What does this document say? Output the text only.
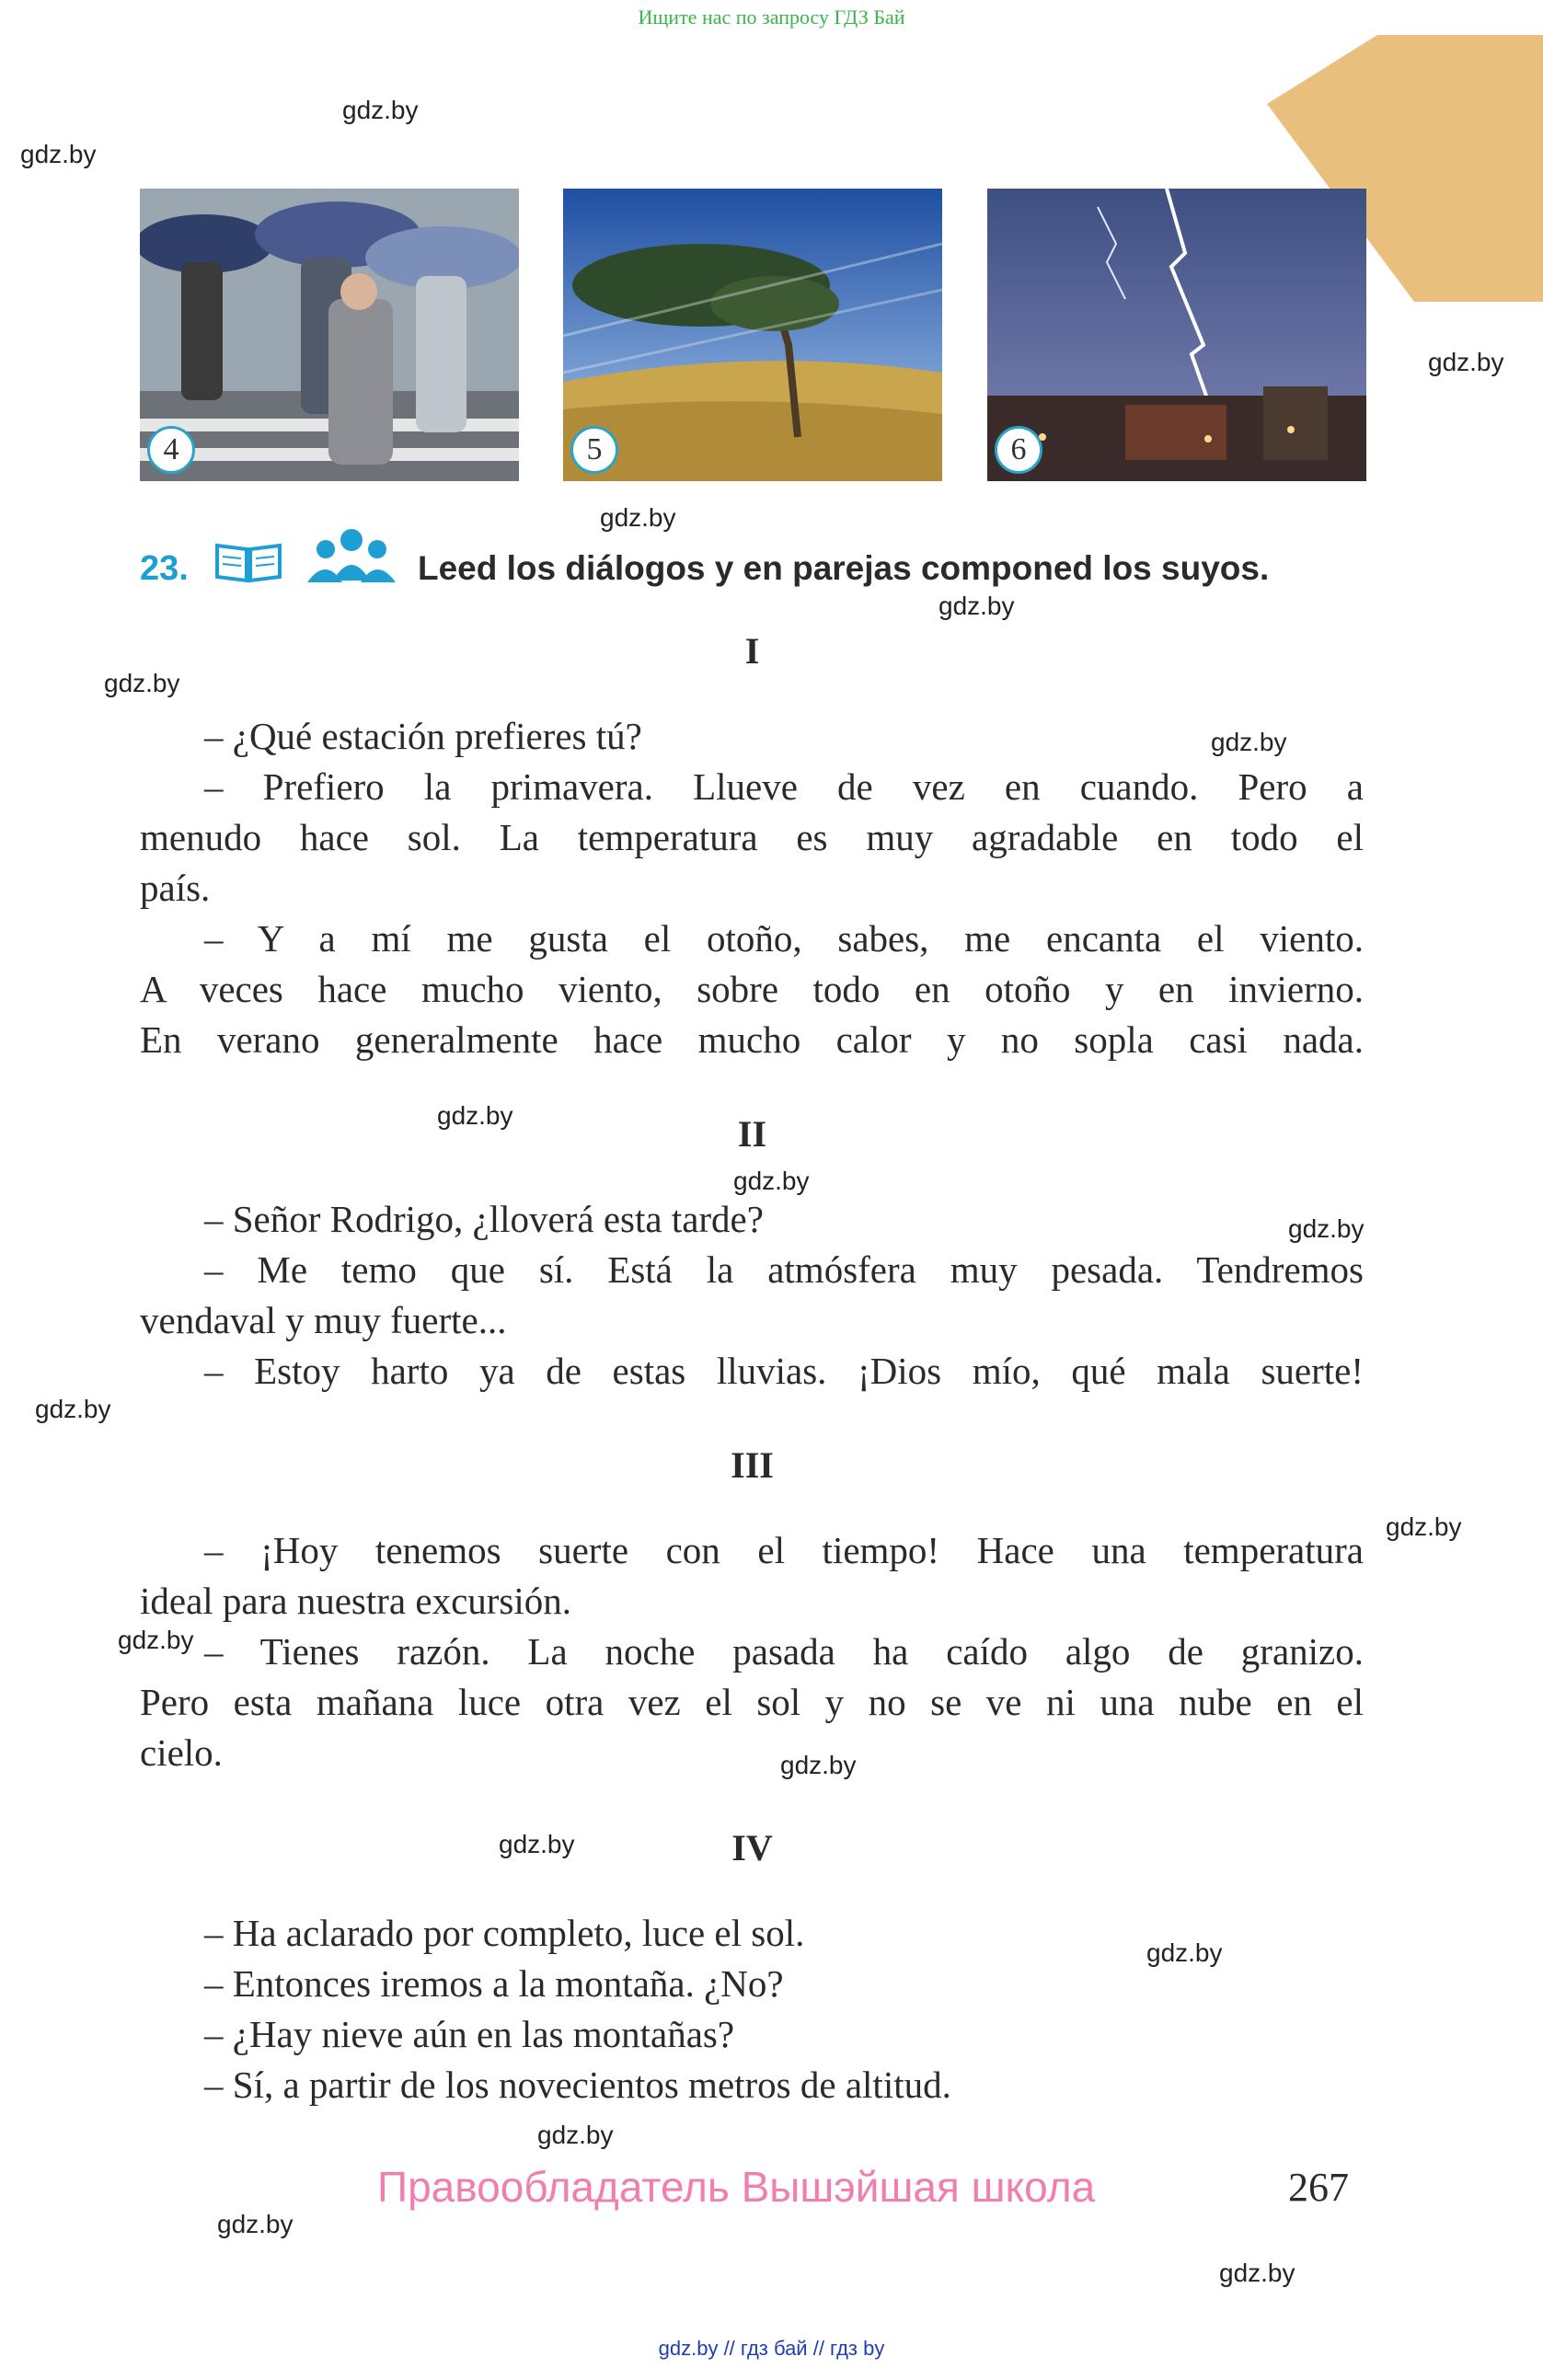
Ищите нас по запросу ГДЗ Бай
gdz.by
gdz.by
gdz.by
gdz.by
gdz.by
gdz.by
gdz.by
gdz.by
gdz.by
gdz.by
gdz.by
gdz.by
gdz.by
gdz.by
gdz.by
gdz.by
gdz.by
gdz.by
gdz.by
4	5	6
23.	Leed los diálogos y en parejas componed los suyos.
I
– ¿Qué estación prefieres tú?
– Prefiero la primavera. Llueve de vez en cuando. Pero a
menudo hace sol. La temperatura es muy agradable en todo el
país.
– Y a mí me gusta el otoño, sabes, me encanta el viento.
A veces hace mucho viento, sobre todo en otoño y en invierno.
En verano generalmente hace mucho calor y no sopla casi nada.
II
– Señor Rodrigo, ¿lloverá esta tarde?
– Me temo que sí. Está la atmósfera muy pesada. Tendremos
vendaval y muy fuerte...
– Estoy harto ya de estas lluvias. ¡Dios mío, qué mala suerte!
III
– ¡Hoy tenemos suerte con el tiempo! Hace una temperatura
ideal para nuestra excursión.
– Tienes razón. La noche pasada ha caído algo de granizo.
Pero esta mañana luce otra vez el sol y no se ve ni una nube en el
cielo.
IV
– Ha aclarado por completo, luce el sol.
– Entonces iremos a la montaña. ¿No?
– ¿Hay nieve aún en las montañas?
– Sí, a partir de los novecientos metros de altitud.
Правообладатель Вышэйшая школа	267
gdz.by // гдз бай // гдз by
